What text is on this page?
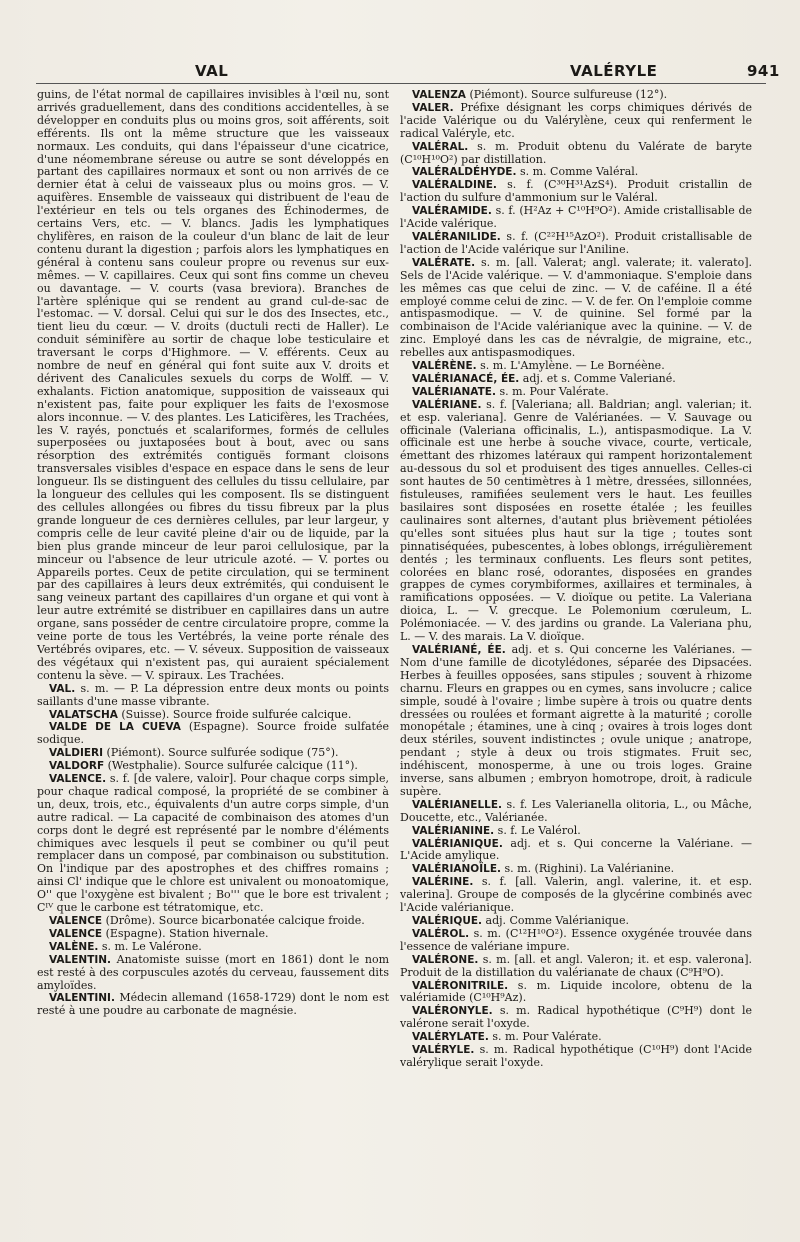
VAL	VALÉRYLE	941

guins, de l'état normal de capillaires invisibles à l'œil nu, sont arrivés graduellement, dans des conditions accidentelles, à se développer en conduits plus ou moins gros, soit afférents, soit efférents. Ils ont la même structure que les vaisseaux normaux. Les conduits, qui dans l'épaisseur d'une cicatrice, d'une néomembrane séreuse ou autre se sont développés en partant des capillaires normaux et sont ou non arrivés de ce dernier état à celui de vaisseaux plus ou moins gros. — V. aquifères. Ensemble de vaisseaux qui distribuent de l'eau de l'extérieur en tels ou tels organes des Échinodermes, de certains Vers, etc. — V. blancs. Jadis les lymphatiques chylifères, en raison de la couleur d'un blanc de lait de leur contenu durant la digestion ; parfois alors les lymphatiques en général à contenu sans couleur propre ou revenus sur eux-mêmes. — V. capillaires. Ceux qui sont fins comme un cheveu ou davantage. — V. courts (vasa breviora). Branches de l'artère splénique qui se rendent au grand cul-de-sac de l'estomac. — V. dorsal. Celui qui sur le dos des Insectes, etc., tient lieu du cœur. — V. droits (ductuli recti de Haller). Le conduit séminifère au sortir de chaque lobe testiculaire et traversant le corps d'Highmore. — V. efférents. Ceux au nombre de neuf en général qui font suite aux V. droits et dérivent des Canalicules sexuels du corps de Wolff. — V. exhalants. Fiction anatomique, supposition de vaisseaux qui n'existent pas, faite pour expliquer les faits de l'exosmose alors inconnue. — V. des plantes. Les Laticifères, les Trachées, les V. rayés, ponctués et scalariformes, formés de cellules superposées ou juxtaposées bout à bout, avec ou sans résorption des extrémités contiguës formant cloisons transversales visibles d'espace en espace dans le sens de leur longueur. Ils se distinguent des cellules du tissu cellulaire, par la longueur des cellules qui les composent. Ils se distinguent des cellules allongées ou fibres du tissu fibreux par la plus grande longueur de ces dernières cellules, par leur largeur, y compris celle de leur cavité pleine d'air ou de liquide, par la bien plus grande minceur de leur paroi cellulosique, par la minceur ou l'absence de leur utricule azoté. — V. portes ou Appareils portes. Ceux de petite circulation, qui se terminent par des capillaires à leurs deux extrémités, qui conduisent le sang veineux partant des capillaires d'un organe et qui vont à leur autre extrémité se distribuer en capillaires dans un autre organe, sans posséder de centre circulatoire propre, comme la veine porte de tous les Vertébrés, la veine porte rénale des Vertébrés ovipares, etc. — V. séveux. Supposition de vaisseaux des végétaux qui n'existent pas, qui auraient spécialement contenu la sève. — V. spiraux. Les Trachées.

VAL. s. m. — P. La dépression entre deux monts ou points saillants d'une masse vibrante.

VALATSCHA (Suisse). Source froide sulfurée calcique.

VALDE DE LA CUEVA (Espagne). Source froide sulfatée sodique.

VALDIERI (Piémont). Source sulfurée sodique (75°).

VALDORF (Westphalie). Source sulfurée calcique (11°).

VALENCE. s. f. [de valere, valoir]. Pour chaque corps simple, pour chaque radical composé, la propriété de se combiner à un, deux, trois, etc., équivalents d'un autre corps simple, d'un autre radical. — La capacité de combinaison des atomes d'un corps dont le degré est représenté par le nombre d'éléments chimiques avec lesquels il peut se combiner ou qu'il peut remplacer dans un composé, par combinaison ou substitution. On l'indique par des apostrophes et des chiffres romains ; ainsi Cl' indique que le chlore est univalent ou monoatomique, O'' que l'oxygène est bivalent ; Bo''' que le bore est trivalent ; Cᴵⱽ que le carbone est tétratomique, etc.

VALENCE (Drôme). Source bicarbonatée calcique froide.

VALENCE (Espagne). Station hivernale.

VALÈNE. s. m. Le Valérone.

VALENTIN. Anatomiste suisse (mort en 1861) dont le nom est resté à des corpuscules azotés du cerveau, faussement dits amyloïdes.

VALENTINI. Médecin allemand (1658-1729) dont le nom est resté à une poudre au carbonate de magnésie.

VALENZA (Piémont). Source sulfureuse (12°).

VALER. Préfixe désignant les corps chimiques dérivés de l'acide Valérique ou du Valérylène, ceux qui renferment le radical Valéryle, etc.

VALÉRAL. s. m. Produit obtenu du Valérate de baryte (C¹⁰H¹⁰O²) par distillation.

VALÉRALDÉHYDE. s. m. Comme Valéral.

VALÉRALDINE. s. f. (C³⁰H³¹AzS⁴). Produit cristallin de l'action du sulfure d'ammonium sur le Valéral.

VALÉRAMIDE. s. f. (H²Az + C¹⁰H⁹O²). Amide cristallisable de l'Acide valérique.

VALÉRANILIDE. s. f. (C²²H¹⁵AzO²). Produit cristallisable de l'action de l'Acide valérique sur l'Aniline.

VALÉRATE. s. m. [all. Valerat; angl. valerate; it. valerato]. Sels de l'Acide valérique. — V. d'ammoniaque. S'emploie dans les mêmes cas que celui de zinc. — V. de caféine. Il a été employé comme celui de zinc. — V. de fer. On l'emploie comme antispasmodique. — V. de quinine. Sel formé par la combinaison de l'Acide valérianique avec la quinine. — V. de zinc. Employé dans les cas de névralgie, de migraine, etc., rebelles aux antispasmodiques.

VALÉRÈNE. s. m. L'Amylène. — Le Bornéène.

VALÉRIANACÉ, ÉE. adj. et s. Comme Valeriané.

VALÉRIANATE. s. m. Pour Valérate.

VALÉRIANE. s. f. [Valeriana; all. Baldrian; angl. valerian; it. et esp. valeriana]. Genre de Valérianées. — V. Sauvage ou officinale (Valeriana officinalis, L.), antispasmodique. La V. officinale est une herbe à souche vivace, courte, verticale, émettant des rhizomes latéraux qui rampent horizontalement au-dessous du sol et produisent des tiges annuelles. Celles-ci sont hautes de 50 centimètres à 1 mètre, dressées, sillonnées, fistuleuses, ramifiées seulement vers le haut. Les feuilles basilaires sont disposées en rosette étalée ; les feuilles caulinaires sont alternes, d'autant plus brièvement pétiolées qu'elles sont situées plus haut sur la tige ; toutes sont pinnatiséquées, pubescentes, à lobes oblongs, irrégulièrement dentés ; les terminaux confluents. Les fleurs sont petites, colorées en blanc rosé, odorantes, disposées en grandes grappes de cymes corymbiformes, axillaires et terminales, à ramifications opposées. — V. dioïque ou petite. La Valeriana dioica, L. — V. grecque. Le Polemonium cœruleum, L. Polémoniacée. — V. des jardins ou grande. La Valeriana phu, L. — V. des marais. La V. dioïque.

VALÉRIANÉ, ÉE. adj. et s. Qui concerne les Valérianes. — Nom d'une famille de dicotylédones, séparée des Dipsacées. Herbes à feuilles opposées, sans stipules ; souvent à rhizome charnu. Fleurs en grappes ou en cymes, sans involucre ; calice simple, soudé à l'ovaire ; limbe supère à trois ou quatre dents dressées ou roulées et formant aigrette à la maturité ; corolle monopétale ; étamines, une à cinq ; ovaires à trois loges dont deux stériles, souvent indistinctes ; ovule unique ; anatrope, pendant ; style à deux ou trois stigmates. Fruit sec, indéhiscent, monosperme, à une ou trois loges. Graine inverse, sans albumen ; embryon homotrope, droit, à radicule supère.

VALÉRIANELLE. s. f. Les Valerianella olitoria, L., ou Mâche, Doucette, etc., Valérianée.

VALÉRIANINE. s. f. Le Valérol.

VALÉRIANIQUE. adj. et s. Qui concerne la Valériane. — L'Acide amylique.

VALÉRIANOÏLE. s. m. (Righini). La Valérianine.

VALÉRINE. s. f. [all. Valerin, angl. valerine, it. et esp. valerina]. Groupe de composés de la glycérine combinés avec l'Acide valérianique.

VALÉRIQUE. adj. Comme Valérianique.

VALÉROL. s. m. (C¹²H¹⁰O²). Essence oxygénée trouvée dans l'essence de valériane impure.

VALÉRONE. s. m. [all. et angl. Valeron; it. et esp. valerona]. Produit de la distillation du valérianate de chaux (C⁹H⁹O).

VALÉRONITRILE. s. m. Liquide incolore, obtenu de la valériamide (C¹⁰H⁹Az).

VALÉRONYLE. s. m. Radical hypothétique (C⁹H⁹) dont le valérone serait l'oxyde.

VALÉRYLATE. s. m. Pour Valérate.

VALÉRYLE. s. m. Radical hypothétique (C¹⁰H⁹) dont l'Acide valérylique serait l'oxyde.
